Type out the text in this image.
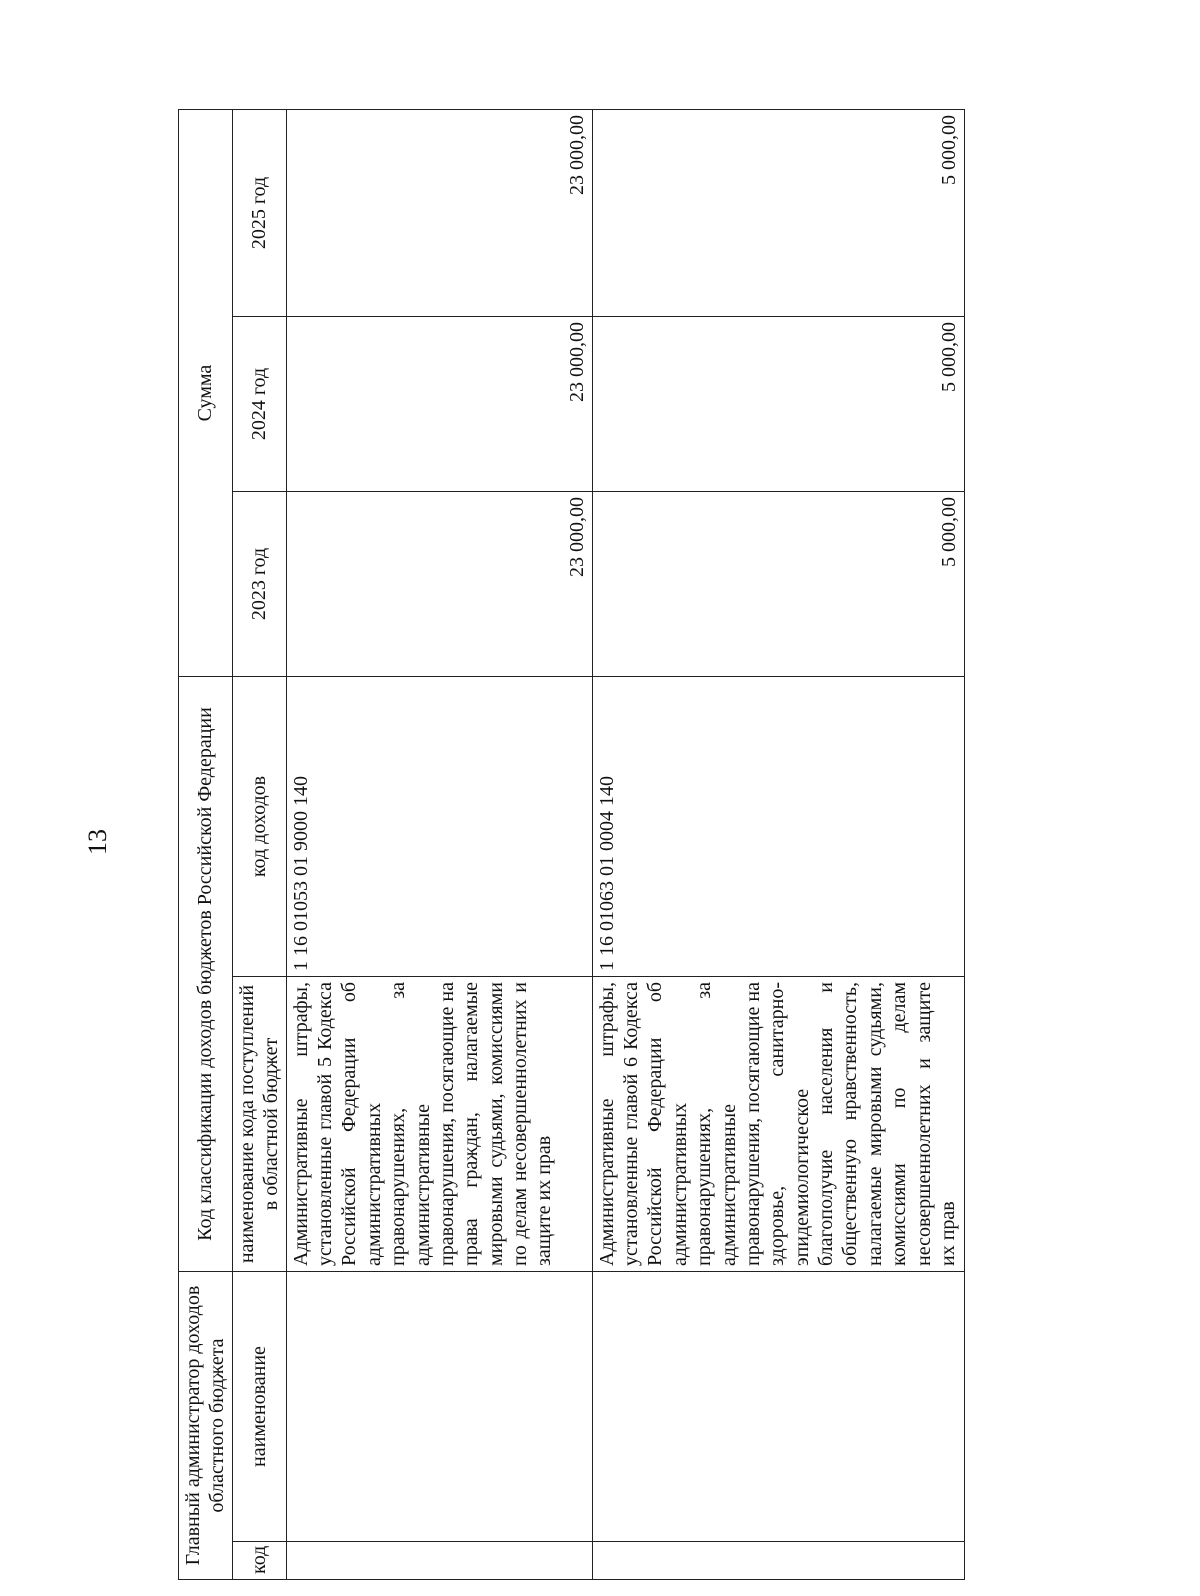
13
Главный администратор доходов областного бюджета		Код классификации доходов бюджетов Российской Федерации		Сумма		
код	наименование	наименование кода поступлений в областной бюджет	код доходов	2023 год	2024 год	2025 год
		Административные штрафы, установленные главой 5 Кодекса Российской Федерации об административных правонарушениях, за административные правонарушения, посягающие на права граждан, налагаемые мировыми судьями, комиссиями по делам несовершеннолетних и защите их прав	1 16 01053 01 9000 140	23 000,00	23 000,00	23 000,00
		Административные штрафы, установленные главой 6 Кодекса Российской Федерации об административных правонарушениях, за административные правонарушения, посягающие на здоровье, санитарно-эпидемиологическое благополучие населения и общественную нравственность, налагаемые мировыми судьями, комиссиями по делам несовершеннолетних и защите их прав	1 16 01063 01 0004 140	5 000,00	5 000,00	5 000,00
